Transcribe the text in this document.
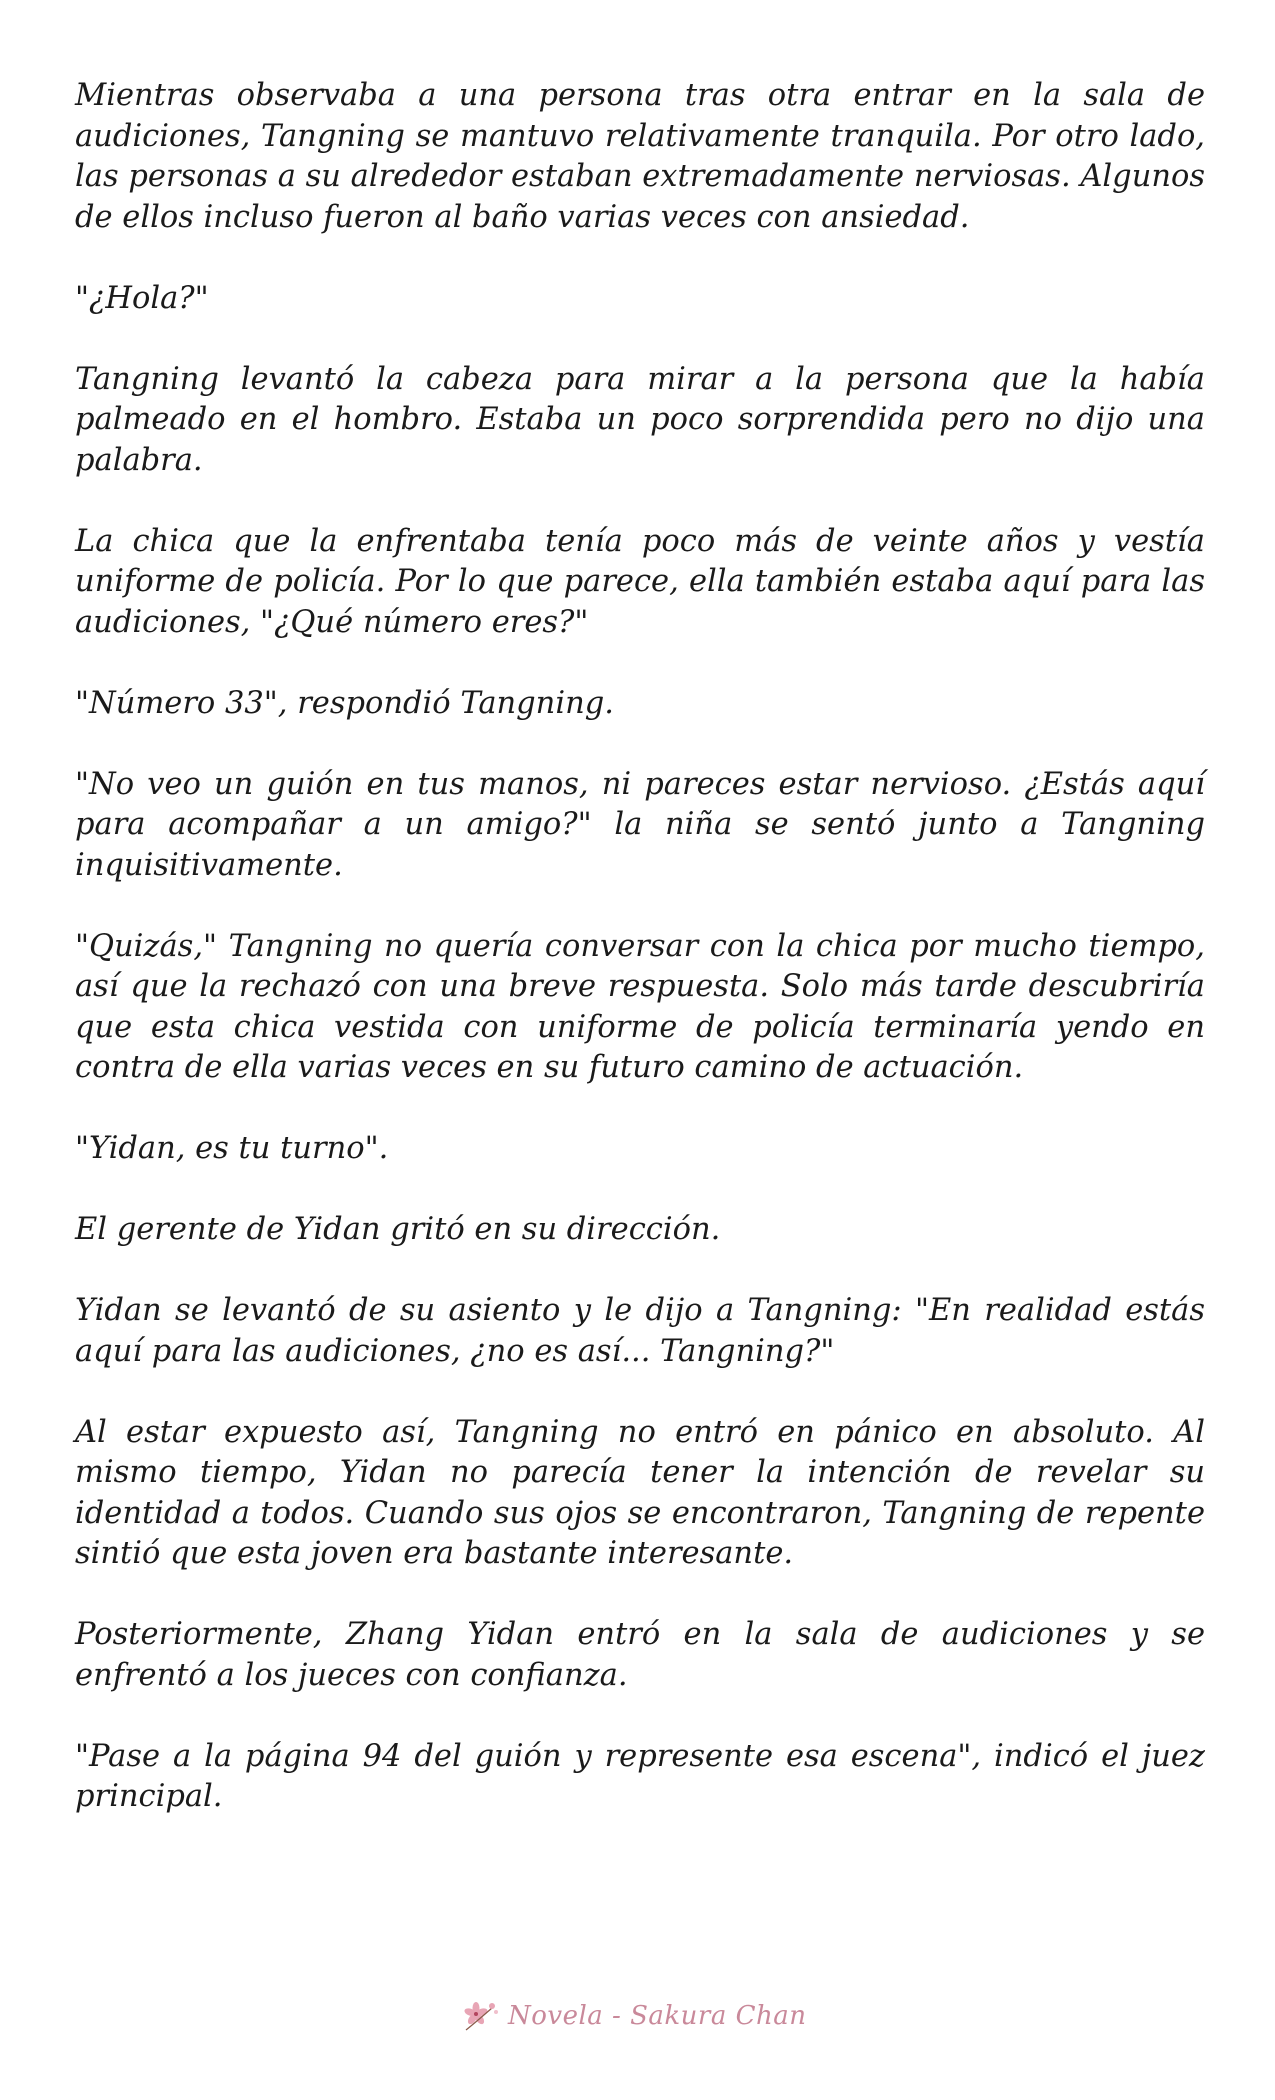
Mientras observaba a una persona tras otra entrar en la sala de audiciones, Tangning se mantuvo relativamente tranquila. Por otro lado, las personas a su alrededor estaban extremadamente nerviosas. Algunos de ellos incluso fueron al baño varias veces con ansiedad.

"¿Hola?"

Tangning levantó la cabeza para mirar a la persona que la había palmeado en el hombro. Estaba un poco sorprendida pero no dijo una palabra.

La chica que la enfrentaba tenía poco más de veinte años y vestía uniforme de policía. Por lo que parece, ella también estaba aquí para las audiciones, "¿Qué número eres?"

"Número 33", respondió Tangning.

"No veo un guión en tus manos, ni pareces estar nervioso. ¿Estás aquí para acompañar a un amigo?" la niña se sentó junto a Tangning inquisitivamente.

"Quizás," Tangning no quería conversar con la chica por mucho tiempo, así que la rechazó con una breve respuesta. Solo más tarde descubriría que esta chica vestida con uniforme de policía terminaría yendo en contra de ella varias veces en su futuro camino de actuación.

"Yidan, es tu turno".

El gerente de Yidan gritó en su dirección.

Yidan se levantó de su asiento y le dijo a Tangning: "En realidad estás aquí para las audiciones, ¿no es así... Tangning?"

Al estar expuesto así, Tangning no entró en pánico en absoluto. Al mismo tiempo, Yidan no parecía tener la intención de revelar su identidad a todos. Cuando sus ojos se encontraron, Tangning de repente sintió que esta joven era bastante interesante.

Posteriormente, Zhang Yidan entró en la sala de audiciones y se enfrentó a los jueces con confianza.

"Pase a la página 94 del guión y represente esa escena", indicó el juez principal.

Novela - Sakura Chan
